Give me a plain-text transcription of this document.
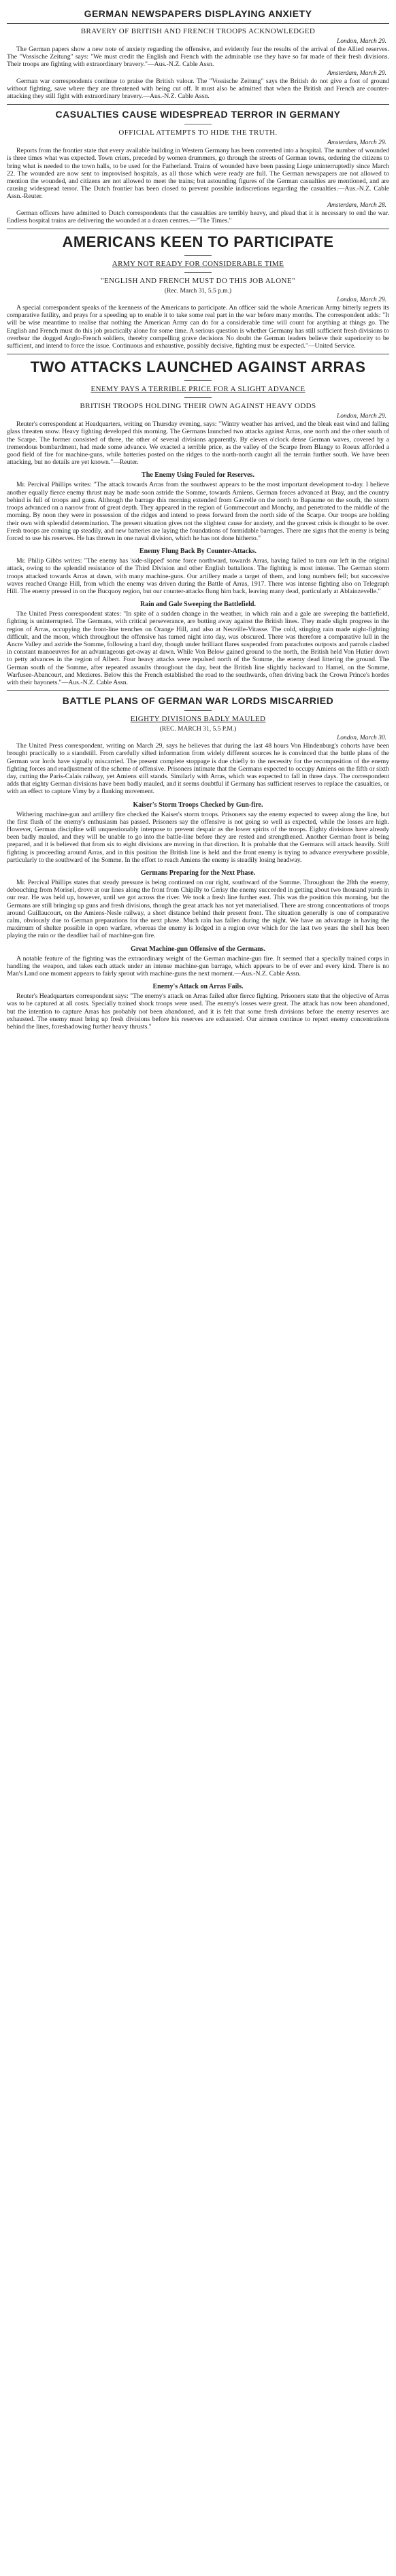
GERMAN NEWSPAPERS DISPLAYING ANXIETY
BRAVERY OF BRITISH AND FRENCH TROOPS ACKNOWLEDGED
London, March 29.

The German papers show a new note of anxiety regarding the offensive, and evidently fear the results of the arrival of the Allied reserves. The "Vossische Zeitung" says: "We must credit the English and French with the admirable use they have so far made of their fresh divisions. Their troops are fighting with extraordinary bravery."—Aus.-N.Z. Cable Assn.

Amsterdam, March 29.

German war correspondents continue to praise the British valour. The "Vossische Zeitung" says the British do not give a foot of ground without fighting, save where they are threatened with being cut off. It must also be admitted that when the British and French are counter-attacking they still fight with extraordinary bravery.—Aus.-N.Z. Cable Assn.

CASUALTIES CAUSE WIDESPREAD TERROR IN GERMANY
OFFICIAL ATTEMPTS TO HIDE THE TRUTH.
Amsterdam, March 29.

Reports from the frontier state that every available building in Western Germany has been converted into a hospital. The number of wounded is three times what was expected. Town criers, preceded by women drummers, go through the streets of German towns, ordering the citizens to bring what is needed to the town halls, to be used for the Fatherland. Trains of wounded have been passing Liege uninterruptedly since March 22. The wounded are now sent to improvised hospitals, as all those which were ready are full. The German newspapers are not allowed to mention the wounded, and citizens are not allowed to meet the trains; but astounding figures of the German casualties are mentioned, and are causing widespread terror. The Dutch frontier has been closed to prevent possible indiscretions regarding the casualties.—Aus.-N.Z. Cable Assn.-Reuter.

Amsterdam, March 28.

German officers have admitted to Dutch correspondents that the casualties are terribly heavy, and plead that it is necessary to end the war. Endless hospital trains are delivering the wounded at a dozen centres.—"The Times."

AMERICANS KEEN TO PARTICIPATE
ARMY NOT READY FOR CONSIDERABLE TIME
"ENGLISH AND FRENCH MUST DO THIS JOB ALONE"
(Rec. March 31, 5.5 p.m.)
London, March 29.

A special correspondent speaks of the keenness of the Americans to participate. An officer said the whole American Army bitterly regrets its comparative futility, and prays for a speeding up to enable it to take some real part in the war before many months. The correspondent adds: "It will be wise meantime to realise that nothing the American Army can do for a considerable time will count for anything at things go. The English and French must do this job practically alone for some time. A serious question is whether Germany has still sufficient fresh divisions to overbear the dogged Anglo-French soldiers, thereby compelling grave decisions No doubt the German leaders believe their superiority to be sufficient, and intend to force the issue. Continuous and exhaustive, possibly decisive, fighting must be expected."—United Service.

TWO ATTACKS LAUNCHED AGAINST ARRAS
ENEMY PAYS A TERRIBLE PRICE FOR A SLIGHT ADVANCE
BRITISH TROOPS HOLDING THEIR OWN AGAINST HEAVY ODDS
London, March 29.

Reuter's correspondent at Headquarters, writing on Thursday evening, says: "Wintry weather has arrived, and the bleak east wind and falling glass threaten snow. Heavy fighting developed this morning. The Germans launched two attacks against Arras, one north and the other south of the Scarpe. The former consisted of three, the other of several divisions apparently. By eleven o'clock dense German waves, covered by a tremendous bombardment, had made some advance. We exacted a terrible price, as the valley of the Scarpe from Blangy to Roeux afforded a good field of fire for machine-guns, while batteries posted on the ridges to the north-north caught all the terrain further south. We have been attacking, but no details are yet known."—Reuter.

The Enemy Using Fouled for Reserves.

Mr. Percival Phillips writes: "The attack towards Arras from the southwest appears to be the most important development to-day. I believe another equally fierce enemy thrust may be made soon astride the Somme, towards Amiens. German forces advanced at Bray, and the country behind is full of troops and guns. Although the barrage this morning extended from Gavrelle on the north to Bapaume on the south, the storm troops advanced on a narrow front of great depth. They appeared in the region of Gommecourt and Monchy, and penetrated to the middle of the morning. By noon they were in possession of the ridges and intend to press forward from the north side of the Scarpe. Our troops are holding their own with splendid determination. The present situation gives not the slightest cause for anxiety, and the gravest crisis is thought to be over. Fresh troops are coming up steadily, and new batteries are laying the foundations of formidable barrages. There are signs that the enemy is being forced to use his reserves. He has thrown in one naval division, which he has not done hitherto."

Enemy Flung Back By Counter-Attacks.

Mr. Philip Gibbs writes: "The enemy has 'side-slipped' some force northward, towards Arras, having failed to turn our left in the original attack, owing to the splendid resistance of the Third Division and other English battalions. The fighting is most intense. The German storm troops attacked towards Arras at dawn, with many machine-guns. Our artillery made a target of them, and long numbers fell; but successive waves reached Orange Hill, from which the enemy was driven during the Battle of Arras, 1917. There was intense fighting also on Telegraph Hill. The enemy pressed in on the Bucquoy region, but our counter-attacks flung him back, leaving many dead, particularly at Ablainzevelle."

Rain and Gale Sweeping the Battlefield.

The United Press correspondent states: "In spite of a sudden change in the weather, in which rain and a gale are sweeping the battlefield, fighting is uninterrupted. The Germans, with critical perseverance, are butting away against the British lines. They made slight progress in the region of Arras, occupying the front-line trenches on Orange Hill, and also at Neuville-Vitasse. The cold, stinging rain made night-fighting difficult, and the moon, which throughout the offensive has turned night into day, was obscured. There was therefore a comparative lull in the Ancre Valley and astride the Somme, following a hard day, though under brilliant flares suspended from parachutes outposts and patrols clashed in constant manoeuvres for an advantageous get-away at dawn. While Von Below gained ground to the north, the British held Von Hutier down to petty advances in the region of Albert. Four heavy attacks were repulsed north of the Somme, the enemy dead littering the ground. The German south of the Somme, after repeated assaults throughout the day, beat the British line slightly backward to Hamel, on the Somme, Warfusee-Abancourt, and Mezieres. Below this the French established the road to the southwards, often driving back the Crown Prince's hordes with their bayonets."—Aus.-N.Z. Cable Assn.

BATTLE PLANS OF GERMAN WAR LORDS MISCARRIED
EIGHTY DIVISIONS BADLY MAULED
(REC. MARCH 31, 5.5 P.M.)
London, March 30.

The United Press correspondent, writing on March 29, says he believes that during the last 48 hours Von Hindenburg's cohorts have been brought practically to a standstill. From carefully sifted information from widely different sources he is convinced that the battle plans of the German war lords have signally miscarried. The present complete stoppage is due chiefly to the necessity for the recomposition of the enemy fighting forces and readjustment of the scheme of offensive. Prisoners intimate that the Germans expected to occupy Amiens on the fifth or sixth day, cutting the Paris-Calais railway, yet Amiens still stands. Similarly with Arras, which was expected to fall in three days. The correspondent adds that eighty German divisions have been badly mauled, and it seems doubtful if Germany has sufficient reserves to replace the casualties, or with an effect to capture Vimy by a flanking movement.

Kaiser's Storm Troops Checked by Gun-fire.

Withering machine-gun and artillery fire checked the Kaiser's storm troops. Prisoners say the enemy expected to sweep along the line, but the first flush of the enemy's enthusiasm has passed. Prisoners say the offensive is not going so well as expected, while the losses are high. However, German discipline will unquestionably interpose to prevent despair as the lower spirits of the troops. Eighty divisions have already been badly mauled, and they will be unable to go into the battle-line before they are rested and strengthened. Another German front is being prepared, and it is believed that from six to eight divisions are moving in that direction. It is probable that the Germans will attack heavily. Stiff fighting is proceeding around Arras, and in this position the British line is held and the front enemy is trying to advance everywhere possible, particularly to the southward of the Somme. In the effort to reach Amiens the enemy is steadily losing headway.

Germans Preparing for the Next Phase.

Mr. Percival Phillips states that steady pressure is being continued on our right, southward of the Somme. Throughout the 28th the enemy, debouching from Morisel, drove at our lines along the front from Chipilly to Cerisy the enemy succeeded in getting about two thousand yards in our rear. He was held up, however, until we got across the river. We took a fresh line further east. This was the position this morning, but the Germans are still bringing up guns and fresh divisions, though the great attack has not yet materialised. There are strong concentrations of troops around Guillaucourt, on the Amiens-Nesle railway, a short distance behind their present front. The situation generally is one of comparative calm, obviously due to German preparations for the next phase. Much rain has fallen during the night. We have an advantage in having the maximum of shelter possible in open warfare, whereas the enemy is lodged in a region over which for the last two years the shell has been playing the ruin or the deadlier hail of machine-gun fire.

Great Machine-gun Offensive of the Germans.

A notable feature of the fighting was the extraordinary weight of the German machine-gun fire. It seemed that a specially trained corps in handling the weapon, and takes each attack under an intense machine-gun barrage, which appears to be of ever and every kind. There is no Man's Land one moment appears to fairly sprout with machine-guns the next moment.—Aus.-N.Z. Cable Assn.

Enemy's Attack on Arras Fails.

Reuter's Headquarters correspondent says: "The enemy's attack on Arras failed after fierce fighting. Prisoners state that the objective of Arras was to be captured at all costs. Specially trained shock troops were used. The enemy's losses were great. The attack has now been abandoned, but the intention to capture Arras has probably not been abandoned, and it is felt that some fresh divisions before the enemy reserves are exhausted. The enemy must bring up fresh divisions before his reserves are exhausted. Our airmen continue to report enemy concentrations behind the lines, foreshadowing further heavy thrusts."
